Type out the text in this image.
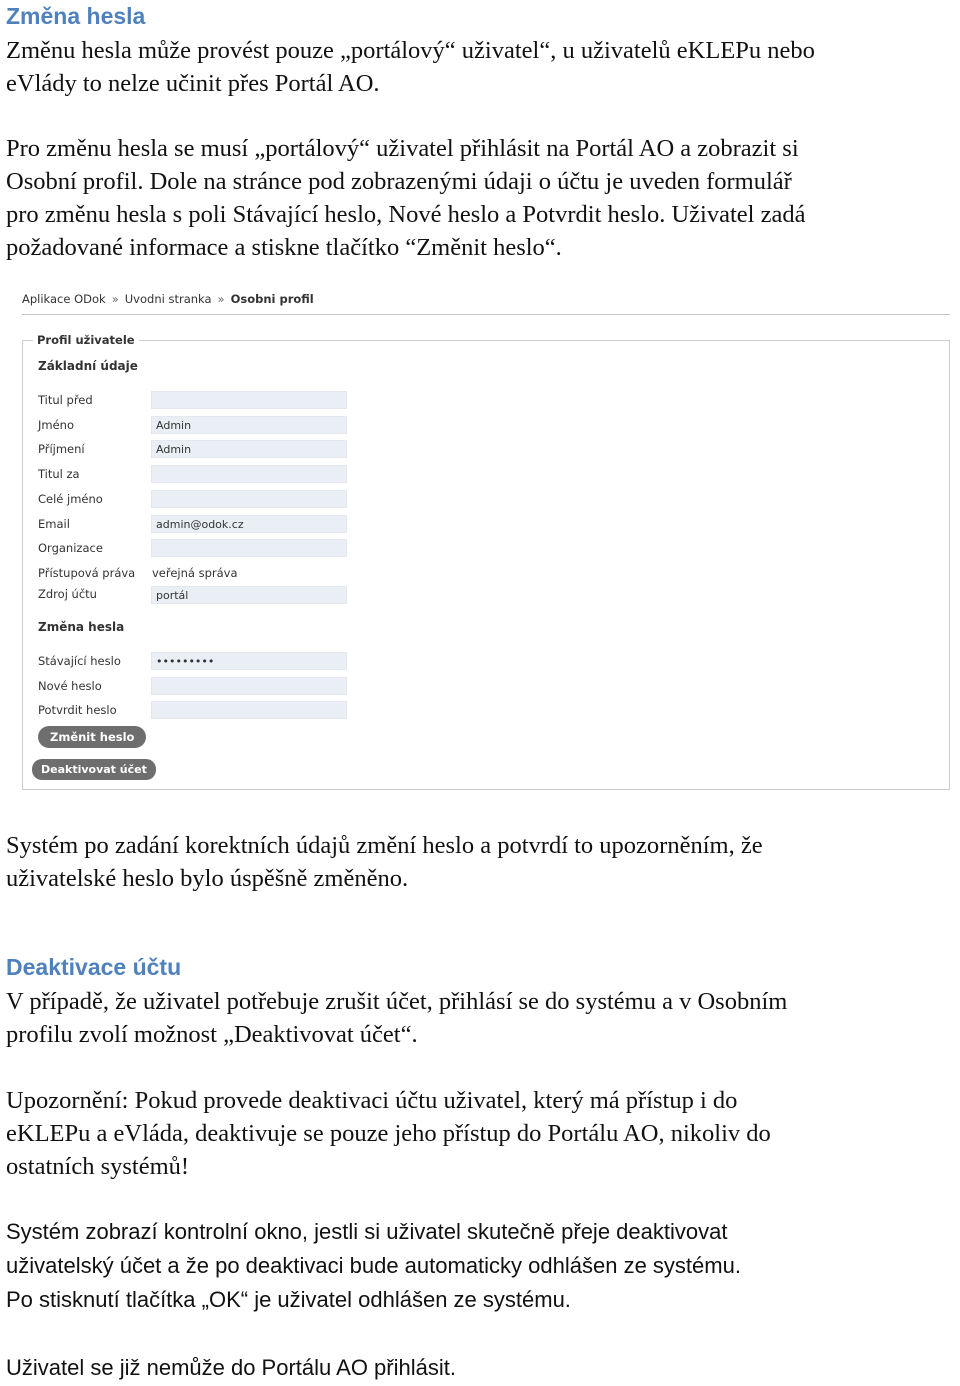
Změna hesla

Změnu hesla může provést pouze „portálový“ uživatel“, u uživatelů eKLEPu nebo
eVlády to nelze učinit přes Portál AO.

Pro změnu hesla se musí „portálový“ uživatel přihlásit na Portál AO a zobrazit si
Osobní profil. Dole na stránce pod zobrazenými údaji o účtu je uveden formulář
pro změnu hesla s poli Stávající heslo, Nové heslo a Potvrdit heslo. Uživatel zadá
požadované informace a stiskne tlačítko “Změnit heslo“.

Aplikace ODok » Uvodni stranka » Osobni profil
Profil uživatele
Základní údaje
Titul před
Jméno	Admin
Příjmení	Admin
Titul za
Celé jméno
Email	admin@odok.cz
Organizace
Přístupová práva veřejná správa
Zdroj účtu	portál
Změna hesla
Stávající heslo	•••••••••
Nové heslo
Potvrdit heslo
Změnit heslo
Deaktivovat účet

Systém po zadání korektních údajů změní heslo a potvrdí to upozorněním, že
uživatelské heslo bylo úspěšně změněno.

Deaktivace účtu

V případě, že uživatel potřebuje zrušit účet, přihlásí se do systému a v Osobním
profilu zvolí možnost „Deaktivovat účet“.

Upozornění: Pokud provede deaktivaci účtu uživatel, který má přístup i do
eKLEPu a eVláda, deaktivuje se pouze jeho přístup do Portálu AO, nikoliv do
ostatních systémů!

Systém zobrazí kontrolní okno, jestli si uživatel skutečně přeje deaktivovat
uživatelský účet a že po deaktivaci bude automaticky odhlášen ze systému.
Po stisknutí tlačítka „OK“ je uživatel odhlášen ze systému.

Uživatel se již nemůže do Portálu AO přihlásit.
